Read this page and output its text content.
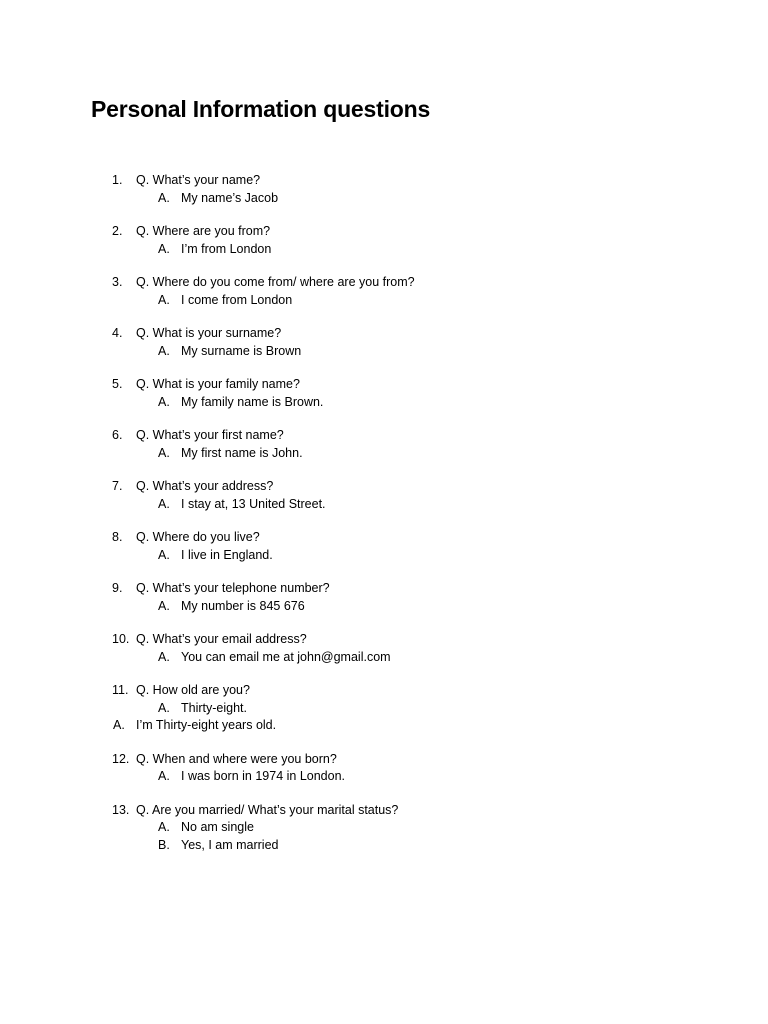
Personal Information questions
1. Q. What’s your name?
A. My name’s Jacob
2. Q. Where are you from?
A. I’m from London
3. Q. Where do you come from/ where are you from?
A. I come from London
4. Q. What is your surname?
A. My surname is Brown
5. Q. What is your family name?
A. My family name is Brown.
6. Q. What’s your first name?
A. My first name is John.
7. Q. What’s your address?
A. I stay at, 13 United Street.
8. Q. Where do you live?
A. I live in England.
9. Q. What’s your telephone number?
A. My number is 845 676
10. Q. What’s your email address?
A. You can email me at john@gmail.com
11. Q. How old are you?
A. Thirty-eight.
A. I’m Thirty-eight years old.
12. Q. When and where were you born?
A. I was born in 1974 in London.
13. Q. Are you married/ What’s your marital status?
A. No am single
B. Yes, I am married
